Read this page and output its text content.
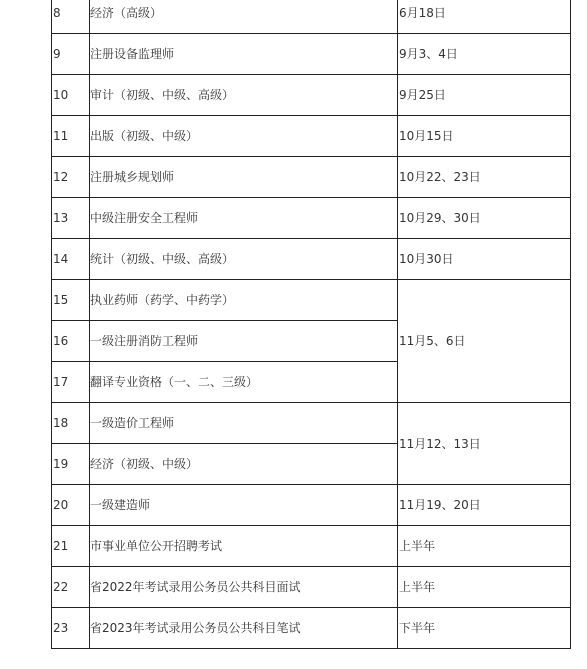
8	经济（高级）	6月18日
9	注册设备监理师	9月3、4日
10	审计（初级、中级、高级）	9月25日
11	出版（初级、中级）	10月15日
12	注册城乡规划师	10月22、23日
13	中级注册安全工程师	10月29、30日
14	统计（初级、中级、高级）	10月30日
15	执业药师（药学、中药学）	11月5、6日
16	一级注册消防工程师	
17	翻译专业资格（一、二、三级）	
18	一级造价工程师	11月12、13日
19	经济（初级、中级）	
20	一级建造师	11月19、20日
21	市事业单位公开招聘考试	上半年
22	省2022年考试录用公务员公共科目面试	上半年
23	省2023年考试录用公务员公共科目笔试	下半年
